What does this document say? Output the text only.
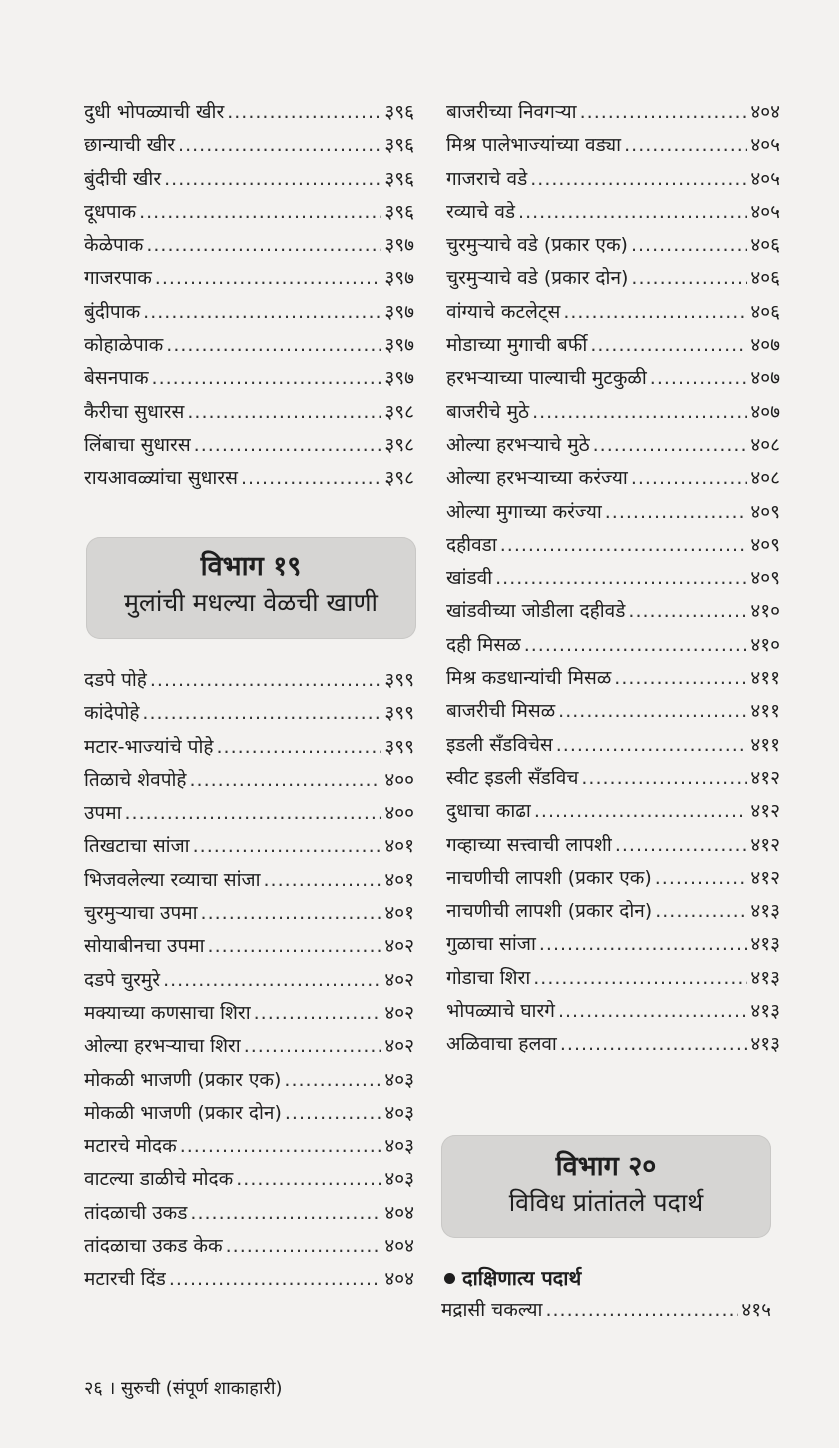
दुधी भोपळ्याची खीर .....	३९६
छान्याची खीर .....	३९६
बुंदीची खीर .....	३९६
दूधपाक .....	३९६
केळेपाक .....	३९७
गाजरपाक .....	३९७
बुंदीपाक .....	३९७
कोहाळेपाक .....	३९७
बेसनपाक .....	३९७
कैरीचा सुधारस .....	३९८
लिंबाचा सुधारस .....	३९८
रायआवळ्यांचा सुधारस .....	३९८
विभाग १९
मुलांची मधल्या वेळची खाणी
दडपे पोहे .....	३९९
कांदेपोहे .....	३९९
मटार-भाज्यांचे पोहे .....	३९९
तिळाचे शेवपोहे .....	४००
उपमा .....	४००
तिखटाचा सांजा .....	४०१
भिजवलेल्या रव्याचा सांजा .....	४०१
चुरमुऱ्याचा उपमा .....	४०१
सोयाबीनचा उपमा .....	४०२
दडपे चुरमुरे .....	४०२
मक्याच्या कणसाचा शिरा .....	४०२
ओल्या हरभऱ्याचा शिरा .....	४०२
मोकळी भाजणी (प्रकार एक) .....	४०३
मोकळी भाजणी (प्रकार दोन) .....	४०३
मटारचे मोदक .....	४०३
वाटल्या डाळीचे मोदक .....	४०३
तांदळाची उकड .....	४०४
तांदळाचा उकड केक .....	४०४
मटारची दिंड .....	४०४
बाजरीच्या निवगऱ्या .....	४०४
मिश्र पालेभाज्यांच्या वड्या .....	४०५
गाजराचे वडे .....	४०५
रव्याचे वडे .....	४०५
चुरमुऱ्याचे वडे (प्रकार एक) .....	४०६
चुरमुऱ्याचे वडे (प्रकार दोन) .....	४०६
वांग्याचे कटलेट्स .....	४०६
मोडाच्या मुगाची बर्फी .....	४०७
हरभऱ्याच्या पाल्याची मुटकुळी .....	४०७
बाजरीचे मुठे .....	४०७
ओल्या हरभऱ्याचे मुठे .....	४०८
ओल्या हरभऱ्याच्या करंज्या .....	४०८
ओल्या मुगाच्या करंज्या .....	४०९
दहीवडा .....	४०९
खांडवी .....	४०९
खांडवीच्या जोडीला दहीवडे .....	४१०
दही मिसळ .....	४१०
मिश्र कडधान्यांची मिसळ .....	४११
बाजरीची मिसळ .....	४११
इडली सँडविचेस .....	४११
स्वीट इडली सँडविच .....	४१२
दुधाचा काढा .....	४१२
गव्हाच्या सत्त्वाची लापशी .....	४१२
नाचणीची लापशी (प्रकार एक) .....	४१२
नाचणीची लापशी (प्रकार दोन) .....	४१३
गुळाचा सांजा .....	४१३
गोडाचा शिरा .....	४१३
भोपळ्याचे घारगे .....	४१३
अळिवाचा हलवा .....	४१३
विभाग २०
विविध प्रांतांतले पदार्थ
दाक्षिणात्य पदार्थ
मद्रासी चकल्या .....	४१५
२६ । सुरुची (संपूर्ण शाकाहारी)
